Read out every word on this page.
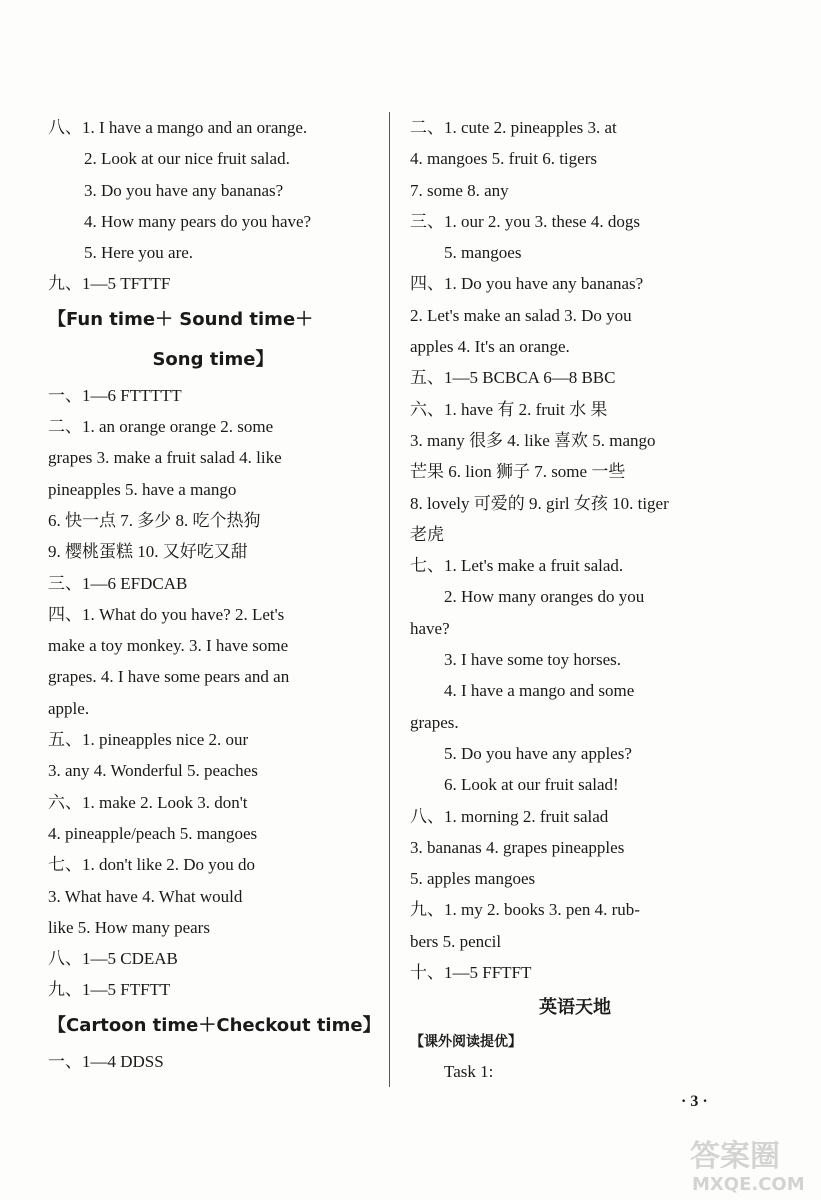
八、1. I have a mango and an orange.
2. Look at our nice fruit salad.
3. Do you have any bananas?
4. How many pears do you have?
5. Here you are.
九、1—5 TFTTF
【Fun time＋ Sound time＋
Song time】
一、1—6 FTTTTT
二、1. an orange orange 2. some
grapes 3. make a fruit salad 4. like
pineapples 5. have a mango
6. 快一点 7. 多少 8. 吃个热狗
9. 樱桃蛋糕 10. 又好吃又甜
三、1—6 EFDCAB
四、1. What do you have? 2. Let's
make a toy monkey. 3. I have some
grapes. 4. I have some pears and an
apple.
五、1. pineapples nice 2. our
3. any 4. Wonderful 5. peaches
六、1. make 2. Look 3. don't
4. pineapple/peach 5. mangoes
七、1. don't like 2. Do you do
3. What have 4. What would
like 5. How many pears
八、1—5 CDEAB
九、1—5 FTFTT
【Cartoon time＋Checkout time】
一、1—4 DDSS
二、1. cute 2. pineapples 3. at
4. mangoes 5. fruit 6. tigers
7. some 8. any
三、1. our 2. you 3. these 4. dogs
5. mangoes
四、1. Do you have any bananas?
2. Let's make an salad 3. Do you
apples 4. It's an orange.
五、1—5 BCBCA 6—8 BBC
六、1. have 有 2. fruit 水 果
3. many 很多 4. like 喜欢 5. mango
芒果 6. lion 狮子 7. some 一些
8. lovely 可爱的 9. girl 女孩 10. tiger
老虎
七、1. Let's make a fruit salad.
2. How many oranges do you
have?
3. I have some toy horses.
4. I have a mango and some
grapes.
5. Do you have any apples?
6. Look at our fruit salad!
八、1. morning 2. fruit salad
3. bananas 4. grapes pineapples
5. apples mangoes
九、1. my 2. books 3. pen 4. rub-
bers 5. pencil
十、1—5 FFTFT
英语天地
【课外阅读提优】
Task 1:
· 3 ·
答案圈
MXQE.COM
